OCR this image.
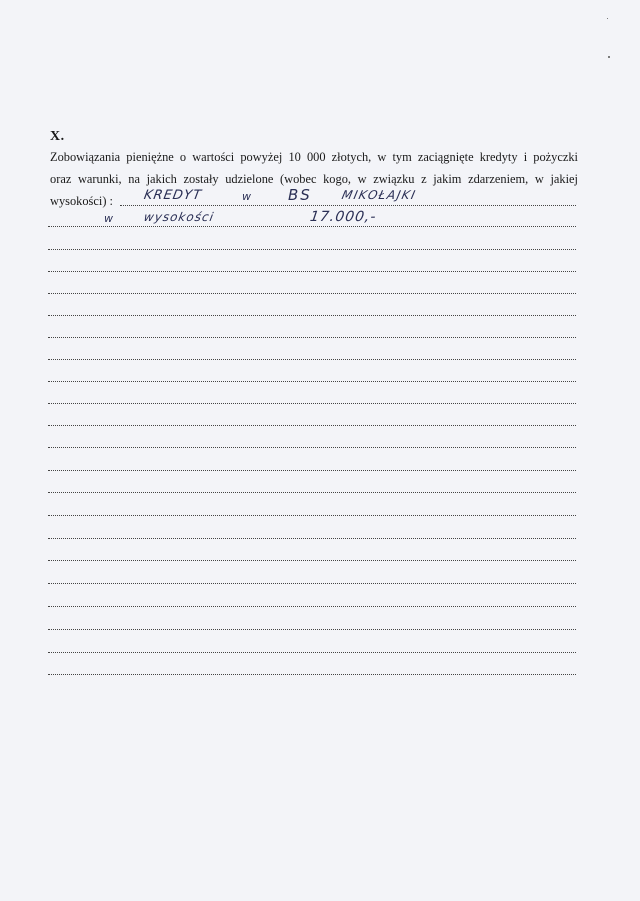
X.
Zobowiązania pieniężne o wartości powyżej 10 000 złotych, w tym zaciągnięte kredyty i pożyczki
oraz warunki, na jakich zostały udzielone (wobec kogo, w związku z jakim zdarzeniem, w jakiej
wysokości) :	KREDYT	w BS MIKOŁAJKI
w wysokości	17.000,-
